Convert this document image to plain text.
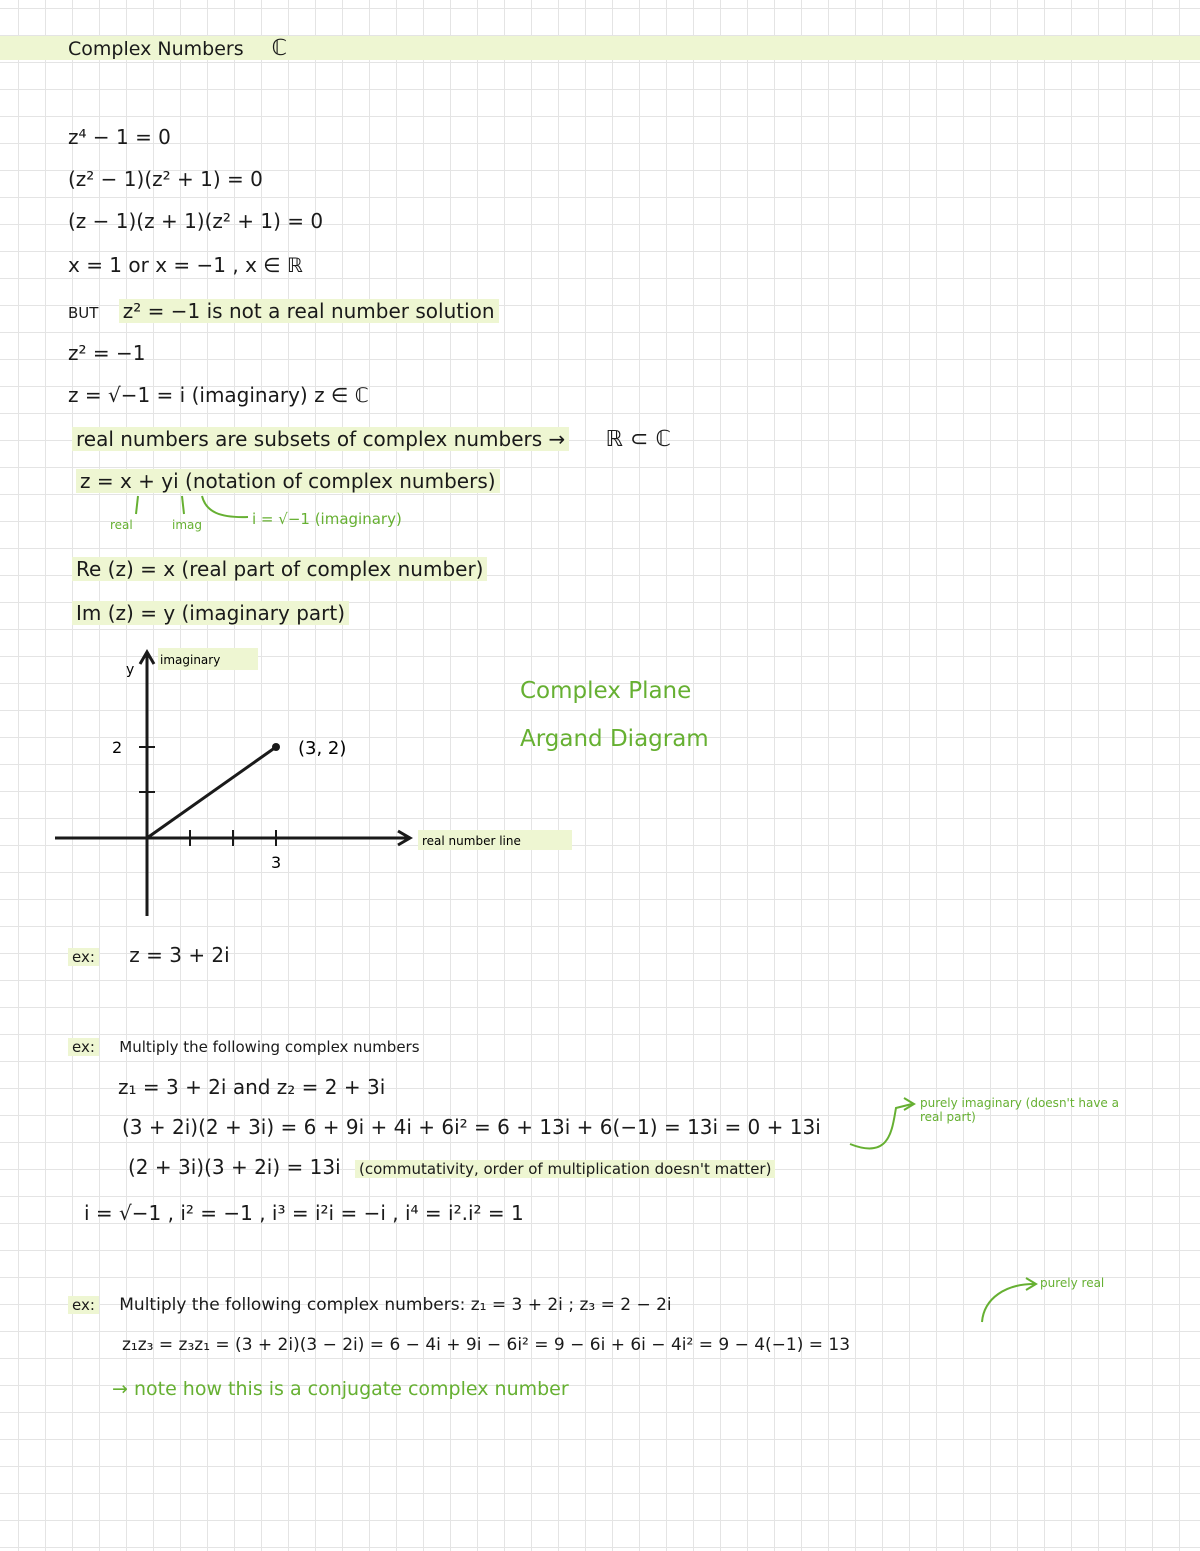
Complex Numbers ℂ
z⁴ − 1 = 0
(z² − 1)(z² + 1) = 0
(z − 1)(z + 1)(z² + 1) = 0
x = 1 or x = −1 , x ∈ ℝ
BUT z² = −1 is not a real number solution
z² = −1
z = √−1 = i (imaginary) z ∈ ℂ
real numbers are subsets of complex numbers → ℝ ⊂ ℂ
z = x + yi (notation of complex numbers)
real	imag	i = √−1 (imaginary)
Re (z) = x (real part of complex number)
Im (z) = y (imaginary part)
y
imaginary
2
3
(3, 2)
real number line
Complex Plane
Argand Diagram
ex: z = 3 + 2i
ex: Multiply the following complex numbers
z₁ = 3 + 2i and z₂ = 2 + 3i
(3 + 2i)(2 + 3i) = 6 + 9i + 4i + 6i² = 6 + 13i + 6(−1) = 13i = 0 + 13i
purely imaginary (doesn't have a real part)
(2 + 3i)(3 + 2i) = 13i (commutativity, order of multiplication doesn't matter)
i = √−1 , i² = −1 , i³ = i²i = −i , i⁴ = i².i² = 1
ex: Multiply the following complex numbers: z₁ = 3 + 2i ; z₃ = 2 − 2i
purely real
z₁z₃ = z₃z₁ = (3 + 2i)(3 − 2i) = 6 − 4i + 9i − 6i² = 9 − 6i + 6i − 4i² = 9 − 4(−1) = 13
→ note how this is a conjugate complex number
